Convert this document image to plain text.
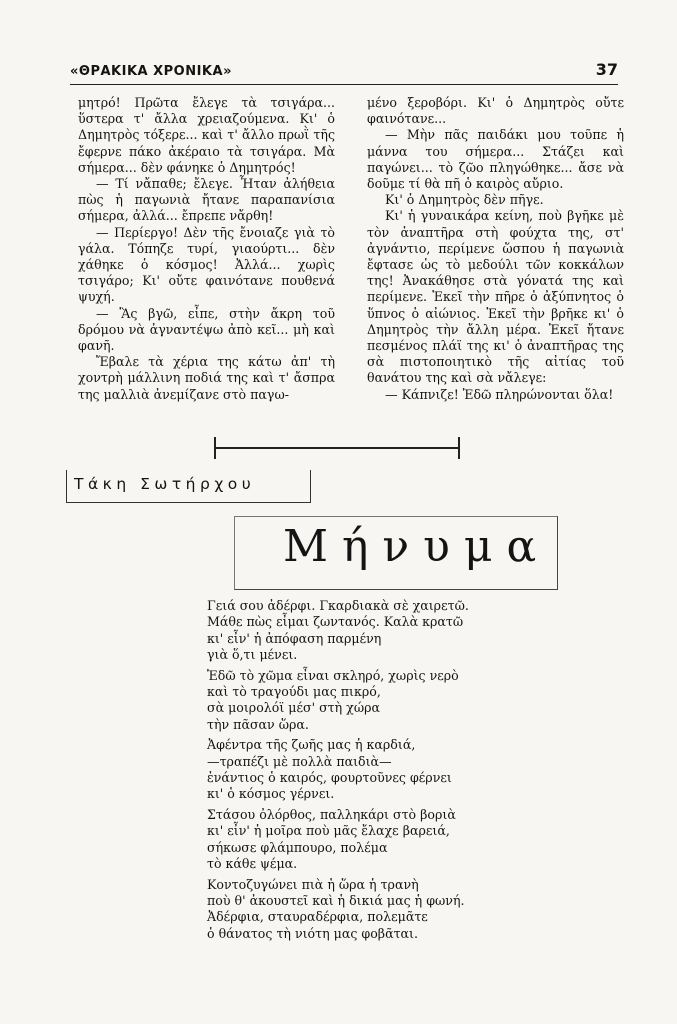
«ΘΡΑΚΙΚΑ ΧΡΟΝΙΚΑ»	37

μητρό! Πρῶτα ἔλεγε τὰ τσιγάρα... ὕστερα τ' ἄλλα χρειαζούμενα. Κι' ὁ Δημητρὸς τόξερε... καὶ τ' ἄλλο πρωῒ τῆς ἔφερνε πάκο ἀκέραιο τὰ τσιγάρα. Μὰ σήμερα... δὲν φάνηκε ὁ Δημητρός!

— Τί νἄπαθε; ἔλεγε. Ἦταν ἀλήθεια πὼς ἡ παγωνιὰ ἤτανε παραπανίσια σήμερα, ἀλλά... ἔπρεπε νἄρθη!

— Περίεργο! Δὲν τῆς ἔνοιαζε γιὰ τὸ γάλα. Τόπηζε τυρί, γιαούρτι... δὲν χάθηκε ὁ κόσμος! Ἀλλά... χωρὶς τσιγάρο; Κι' οὔτε φαινότανε πουθενά ψυχή.

— Ἂς βγῶ, εἶπε, στὴν ἄκρη τοῦ δρόμου νὰ ἀγναντέψω ἀπὸ κεῖ... μὴ καὶ φανῆ.

Ἔβαλε τὰ χέρια της κάτω ἀπ' τὴ χοντρὴ μάλλινη ποδιά της καὶ τ' ἄσπρα της μαλλιὰ ἀνεμίζανε στὸ παγω-

μένο ξεροβόρι. Κι' ὁ Δημητρὸς οὔτε φαινότανε...

— Μὴν πᾶς παιδάκι μου τοῦπε ἡ μάννα του σήμερα... Στάζει καὶ παγώνει... τὸ ζῶο πληγώθηκε... ἄσε νὰ δοῦμε τί θὰ πῆ ὁ καιρὸς αὔριο.

Κι' ὁ Δημητρὸς δὲν πῆγε.

Κι' ἡ γυναικάρα κείνη, ποὺ βγῆκε μὲ τὸν ἀναπτῆρα στὴ φούχτα της, στ' ἀγνάντιο, περίμενε ὥσπου ἡ παγωνιὰ ἔφτασε ὡς τὸ μεδούλι τῶν κοκκάλων της! Ἀνακάθησε στὰ γόνατά της καὶ περίμενε. Ἐκεῖ τὴν πῆρε ὁ ἀξύπνητος ὁ ὕπνος ὁ αἰώνιος. Ἐκεῖ τὴν βρῆκε κι' ὁ Δημητρὸς τὴν ἄλλη μέρα. Ἐκεῖ ἤτανε πεσμένος πλάϊ της κι' ὁ ἀναπτῆρας της σὰ πιστοποιητικὸ τῆς αἰτίας τοῦ θανάτου της καὶ σὰ νἄλεγε:

— Κάπνιζε! Ἐδῶ πληρώνονται ὅλα!

Τάκη Σωτήρχου
Μήνυμα
Γειά σου ἀδέρφι. Γκαρδιακὰ σὲ χαιρετῶ.
Μάθε πὼς εἶμαι ζωντανός. Καλὰ κρατῶ
κι' εἶν' ἡ ἀπόφαση παρμένη
γιὰ ὅ,τι μένει.
Ἐδῶ τὸ χῶμα εἶναι σκληρό, χωρὶς νερὸ
καὶ τὸ τραγούδι μας πικρό,
σὰ μοιρολόϊ μέσ' στὴ χώρα
τὴν πᾶσαν ὥρα.
Ἀφέντρα τῆς ζωῆς μας ἡ καρδιά,
—τραπέζι μὲ πολλὰ παιδιὰ—
ἐνάντιος ὁ καιρός, φουρτοῦνες φέρνει
κι' ὁ κόσμος γέρνει.
Στάσου ὀλόρθος, παλληκάρι στὸ βοριὰ
κι' εἶν' ἡ μοῖρα ποὺ μᾶς ἔλαχε βαρειά,
σήκωσε φλάμπουρο, πολέμα
τὸ κάθε ψέμα.
Κοντοζυγώνει πιὰ ἡ ὥρα ἡ τρανὴ
ποὺ θ' ἀκουστεῖ καὶ ἡ δικιά μας ἡ φωνή.
Ἀδέρφια, σταυραδέρφια, πολεμᾶτε
ὁ θάνατος τὴ νιότη μας φοβᾶται.
